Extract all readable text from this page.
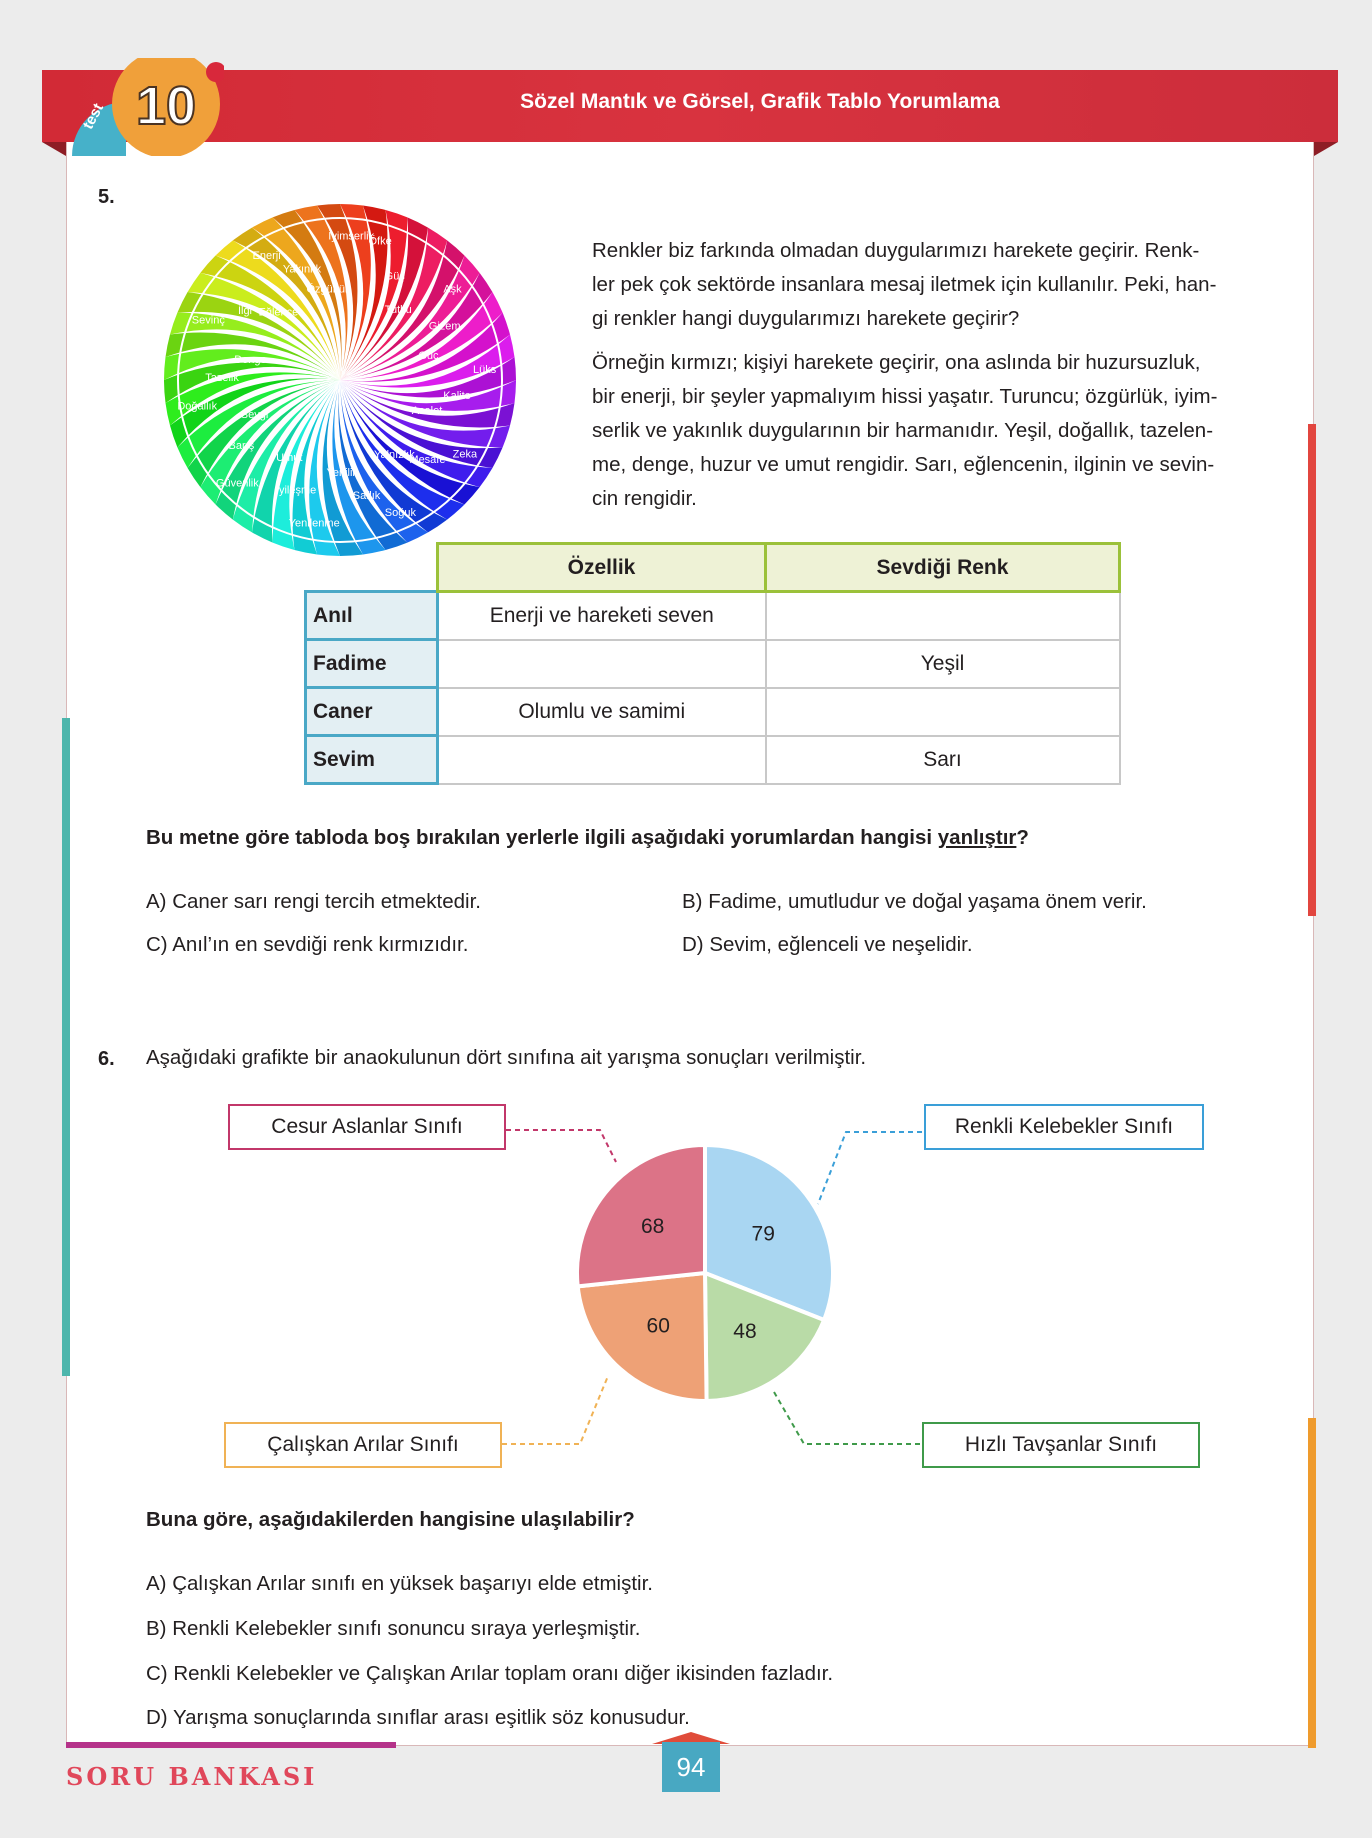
test 10	Sözel Mantık ve Görsel, Grafik Tablo Yorumlama
5.
Öfke
Güç
Tutku
Aşk
Gizem
Güç
Lüks
Kalite
Asalet
Zeka
Mesafe
Yalnızlık
Soğuk
Saflık
Yenilik
Yenilenme
İyileşme
Umut
Güvenlik
Barış
Sevgi
Doğallık
Tazelik
Denge
Sevinç
İlgi Eğlence
Enerji
Yakınlık
Özgürlük
İyimserlik
Renkler biz farkında olmadan duygularımızı harekete geçirir. Renk-
ler pek çok sektörde insanlara mesaj iletmek için kullanılır. Peki, han-
gi renkler hangi duygularımızı harekete geçirir?
Örneğin kırmızı; kişiyi harekete geçirir, ona aslında bir huzursuzluk,
bir enerji, bir şeyler yapmalıyım hissi yaşatır. Turuncu; özgürlük, iyim-
serlik ve yakınlık duygularının bir harmanıdır. Yeşil, doğallık, tazelen-
me, denge, huzur ve umut rengidir. Sarı, eğlencenin, ilginin ve sevin-
cin rengidir.
	Özellik	Sevdiği Renk
Anıl	Enerji ve hareketi seven	
Fadime		Yeşil
Caner	Olumlu ve samimi	
Sevim		Sarı
Bu metne göre tabloda boş bırakılan yerlerle ilgili aşağıdaki yorumlardan hangisi yanlıştır?
A) Caner sarı rengi tercih etmektedir.	B) Fadime, umutludur ve doğal yaşama önem verir.
C) Anıl’ın en sevdiği renk kırmızıdır.	D) Sevim, eğlenceli ve neşelidir.
6. Aşağıdaki grafikte bir anaokulunun dört sınıfına ait yarışma sonuçları verilmiştir.
Cesur Aslanlar Sınıfı	Renkli Kelebekler Sınıfı
Çalışkan Arılar Sınıfı	Hızlı Tavşanlar Sınıfı
79
48
60
68
Buna göre, aşağıdakilerden hangisine ulaşılabilir?
A) Çalışkan Arılar sınıfı en yüksek başarıyı elde etmiştir.
B) Renkli Kelebekler sınıfı sonuncu sıraya yerleşmiştir.
C) Renkli Kelebekler ve Çalışkan Arılar toplam oranı diğer ikisinden fazladır.
D) Yarışma sonuçlarında sınıflar arası eşitlik söz konusudur.
SORU BANKASI	94
